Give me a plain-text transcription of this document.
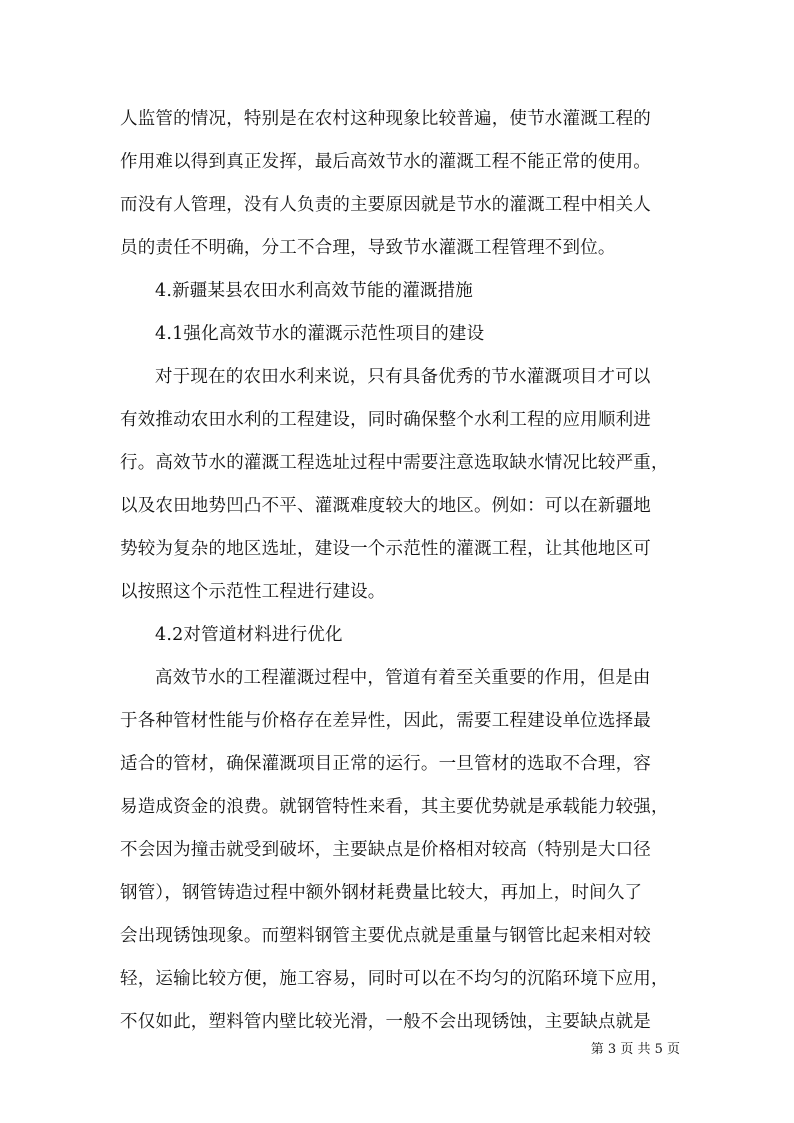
人监管的情况，特别是在农村这种现象比较普遍，使节水灌溉工程的
作用难以得到真正发挥，最后高效节水的灌溉工程不能正常的使用。
而没有人管理，没有人负责的主要原因就是节水的灌溉工程中相关人
员的责任不明确，分工不合理，导致节水灌溉工程管理不到位。
4.新疆某县农田水利高效节能的灌溉措施
4.1强化高效节水的灌溉示范性项目的建设
对于现在的农田水利来说，只有具备优秀的节水灌溉项目才可以
有效推动农田水利的工程建设，同时确保整个水利工程的应用顺利进
行。高效节水的灌溉工程选址过程中需要注意选取缺水情况比较严重，
以及农田地势凹凸不平、灌溉难度较大的地区。例如：可以在新疆地
势较为复杂的地区选址，建设一个示范性的灌溉工程，让其他地区可
以按照这个示范性工程进行建设。
4.2对管道材料进行优化
高效节水的工程灌溉过程中，管道有着至关重要的作用，但是由
于各种管材性能与价格存在差异性，因此，需要工程建设单位选择最
适合的管材，确保灌溉项目正常的运行。一旦管材的选取不合理，容
易造成资金的浪费。就钢管特性来看，其主要优势就是承载能力较强，
不会因为撞击就受到破坏，主要缺点是价格相对较高（特别是大口径
钢管），钢管铸造过程中额外钢材耗费量比较大，再加上，时间久了
会出现锈蚀现象。而塑料钢管主要优点就是重量与钢管比起来相对较
轻，运输比较方便，施工容易，同时可以在不均匀的沉陷环境下应用，
不仅如此，塑料管内壁比较光滑，一般不会出现锈蚀，主要缺点就是
第 3 页 共 5 页
